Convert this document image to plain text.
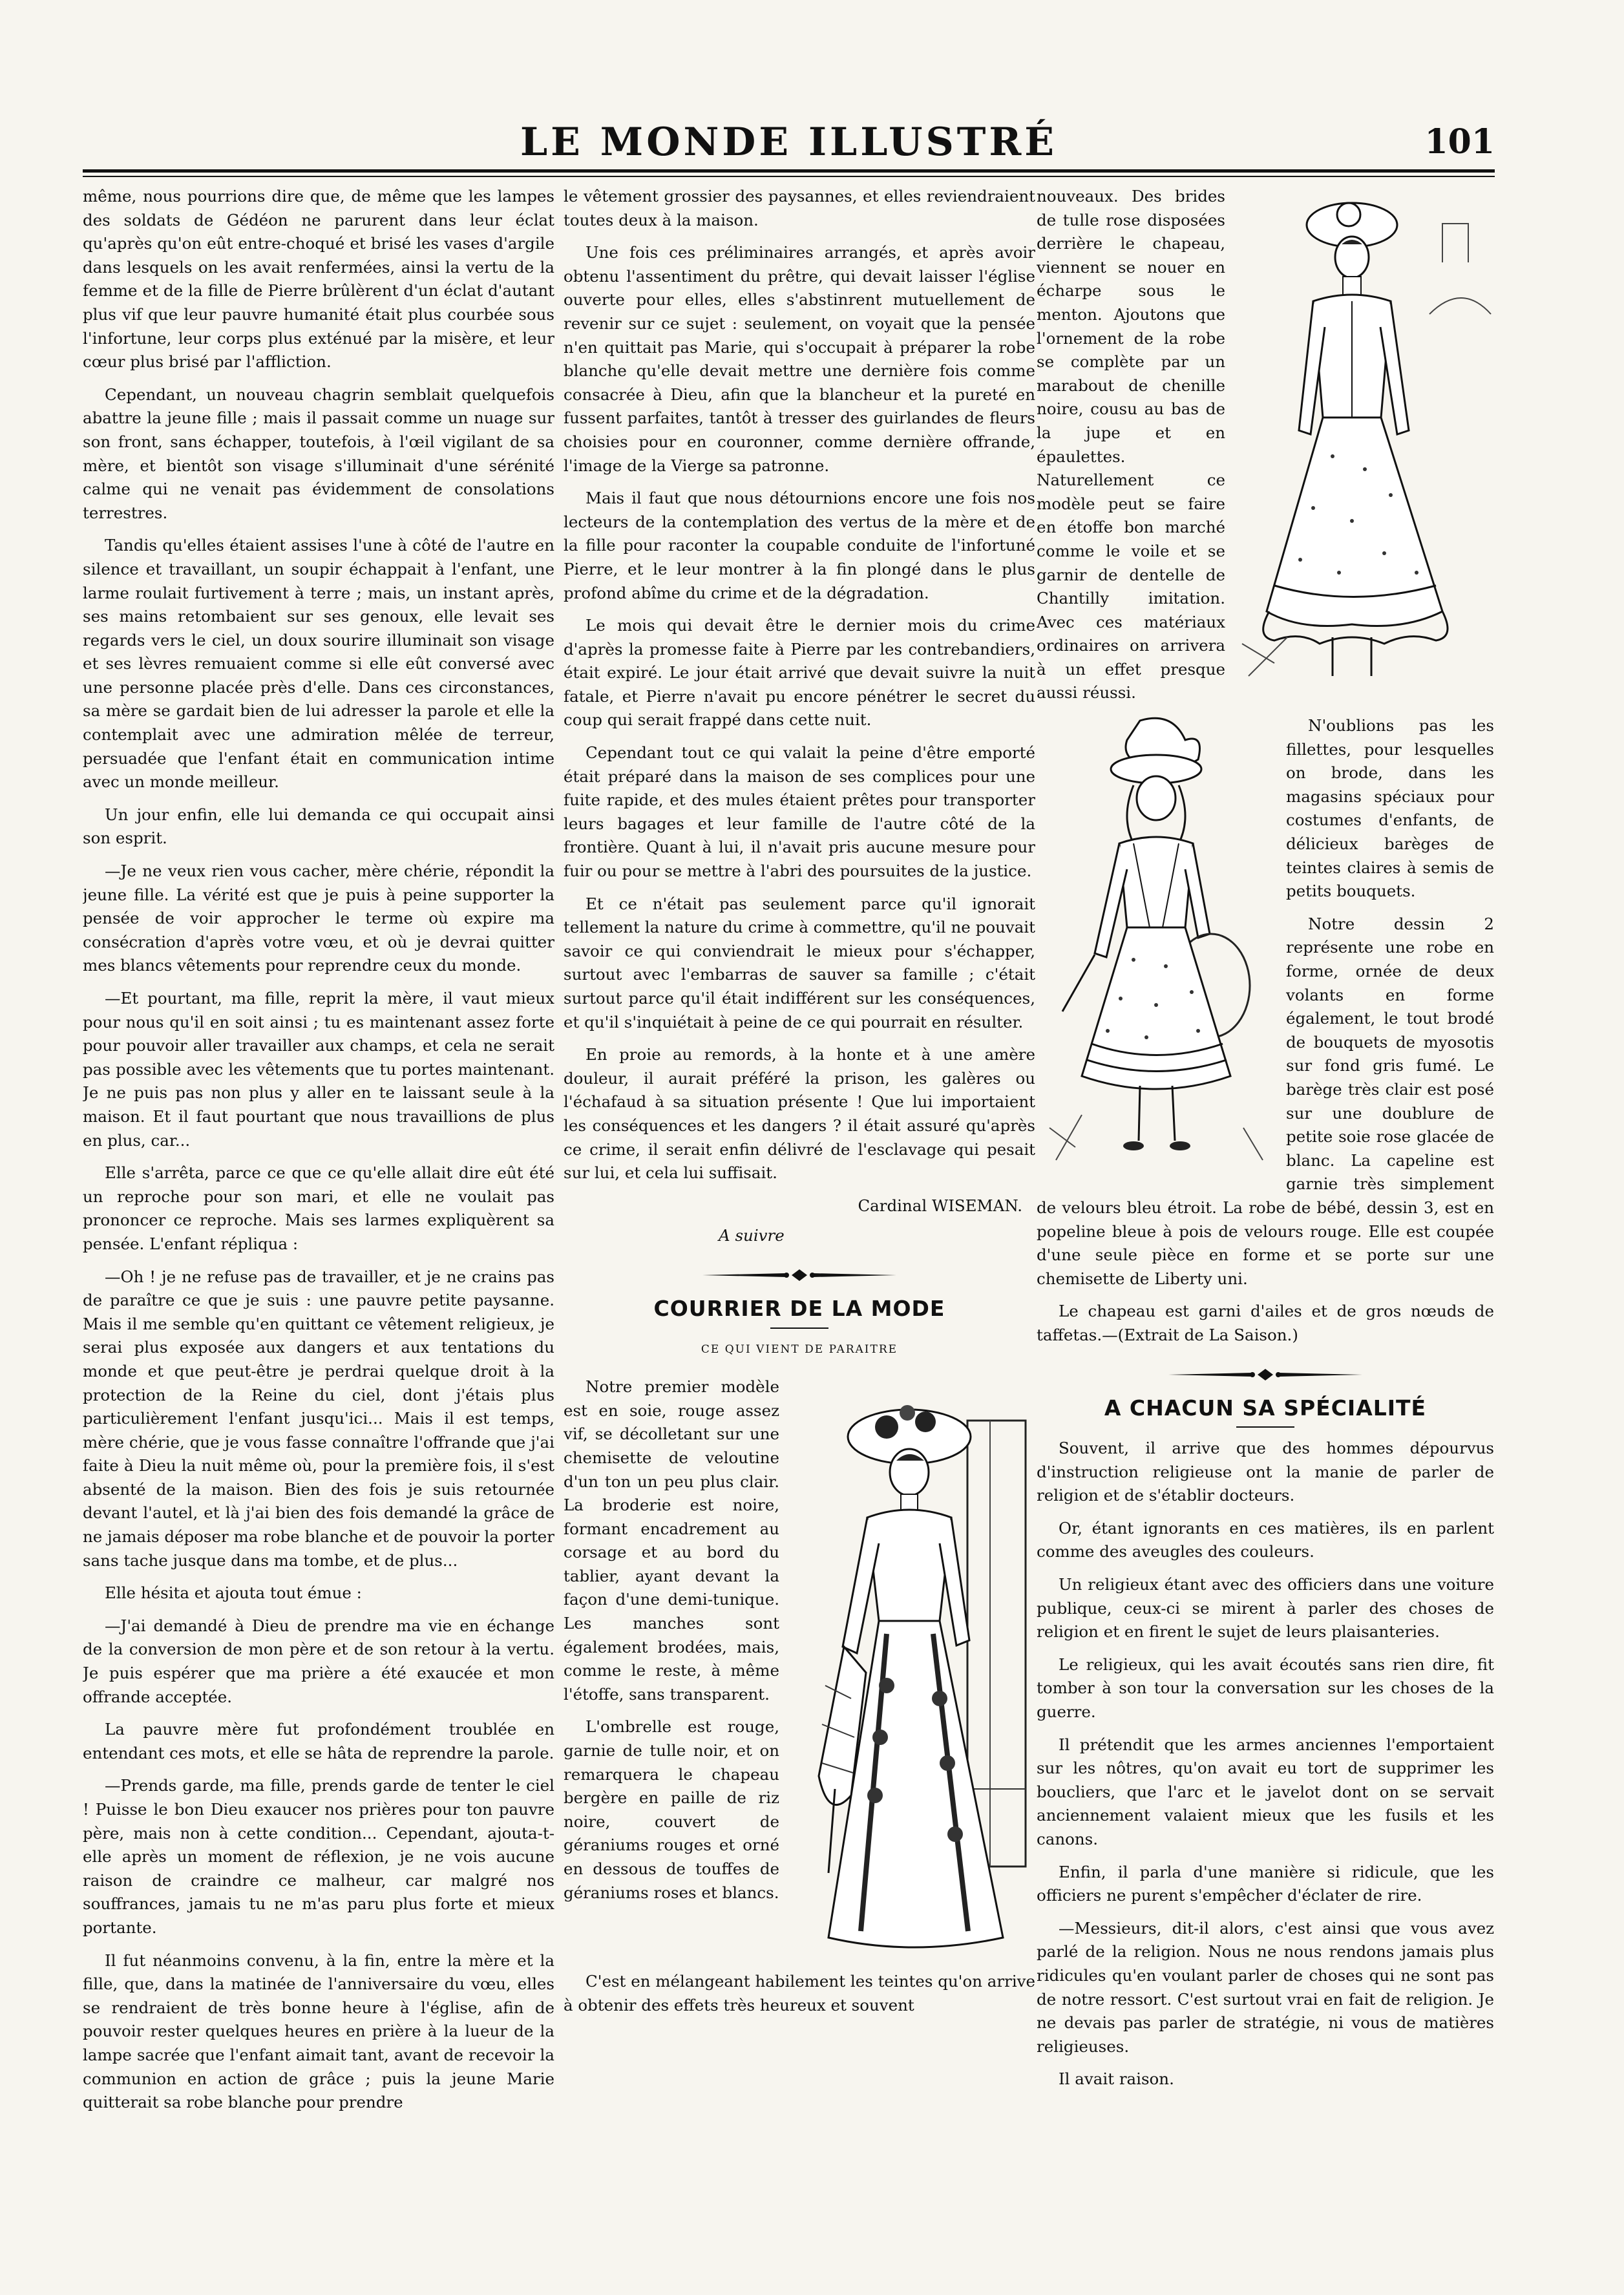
LE MONDE ILLUSTRÉ	101

même, nous pourrions dire que, de même que les lampes des soldats de Gédéon ne parurent dans leur éclat qu'après qu'on eût entre-choqué et brisé les vases d'argile dans lesquels on les avait renfermées, ainsi la vertu de la femme et de la fille de Pierre brûlèrent d'un éclat d'autant plus vif que leur pauvre humanité était plus courbée sous l'infortune, leur corps plus exténué par la misère, et leur cœur plus brisé par l'affliction.

Cependant, un nouveau chagrin semblait quelquefois abattre la jeune fille ; mais il passait comme un nuage sur son front, sans échapper, toutefois, à l'œil vigilant de sa mère, et bientôt son visage s'illuminait d'une sérénité calme qui ne venait pas évidemment de consolations terrestres.

Tandis qu'elles étaient assises l'une à côté de l'autre en silence et travaillant, un soupir échappait à l'enfant, une larme roulait furtivement à terre ; mais, un instant après, ses mains retombaient sur ses genoux, elle levait ses regards vers le ciel, un doux sourire illuminait son visage et ses lèvres remuaient comme si elle eût conversé avec une personne placée près d'elle. Dans ces circonstances, sa mère se gardait bien de lui adresser la parole et elle la contemplait avec une admiration mêlée de terreur, persuadée que l'enfant était en communication intime avec un monde meilleur.

Un jour enfin, elle lui demanda ce qui occupait ainsi son esprit.

—Je ne veux rien vous cacher, mère chérie, répondit la jeune fille. La vérité est que je puis à peine supporter la pensée de voir approcher le terme où expire ma consécration d'après votre vœu, et où je devrai quitter mes blancs vêtements pour reprendre ceux du monde.

—Et pourtant, ma fille, reprit la mère, il vaut mieux pour nous qu'il en soit ainsi ; tu es maintenant assez forte pour pouvoir aller travailler aux champs, et cela ne serait pas possible avec les vêtements que tu portes maintenant. Je ne puis pas non plus y aller en te laissant seule à la maison. Et il faut pourtant que nous travaillions de plus en plus, car...

Elle s'arrêta, parce ce que ce qu'elle allait dire eût été un reproche pour son mari, et elle ne voulait pas prononcer ce reproche. Mais ses larmes expliquèrent sa pensée. L'enfant répliqua :

—Oh ! je ne refuse pas de travailler, et je ne crains pas de paraître ce que je suis : une pauvre petite paysanne. Mais il me semble qu'en quittant ce vêtement religieux, je serai plus exposée aux dangers et aux tentations du monde et que peut-être je perdrai quelque droit à la protection de la Reine du ciel, dont j'étais plus particulièrement l'enfant jusqu'ici... Mais il est temps, mère chérie, que je vous fasse connaître l'offrande que j'ai faite à Dieu la nuit même où, pour la première fois, il s'est absenté de la maison. Bien des fois je suis retournée devant l'autel, et là j'ai bien des fois demandé la grâce de ne jamais déposer ma robe blanche et de pouvoir la porter sans tache jusque dans ma tombe, et de plus...

Elle hésita et ajouta tout émue :

—J'ai demandé à Dieu de prendre ma vie en échange de la conversion de mon père et de son retour à la vertu. Je puis espérer que ma prière a été exaucée et mon offrande acceptée.

La pauvre mère fut profondément troublée en entendant ces mots, et elle se hâta de reprendre la parole.

—Prends garde, ma fille, prends garde de tenter le ciel ! Puisse le bon Dieu exaucer nos prières pour ton pauvre père, mais non à cette condition... Cependant, ajouta-t-elle après un moment de réflexion, je ne vois aucune raison de craindre ce malheur, car malgré nos souffrances, jamais tu ne m'as paru plus forte et mieux portante.

Il fut néanmoins convenu, à la fin, entre la mère et la fille, que, dans la matinée de l'anniversaire du vœu, elles se rendraient de très bonne heure à l'église, afin de pouvoir rester quelques heures en prière à la lueur de la lampe sacrée que l'enfant aimait tant, avant de recevoir la communion en action de grâce ; puis la jeune Marie quitterait sa robe blanche pour prendre

le vêtement grossier des paysannes, et elles reviendraient toutes deux à la maison.

Une fois ces préliminaires arrangés, et après avoir obtenu l'assentiment du prêtre, qui devait laisser l'église ouverte pour elles, elles s'abstinrent mutuellement de revenir sur ce sujet : seulement, on voyait que la pensée n'en quittait pas Marie, qui s'occupait à préparer la robe blanche qu'elle devait mettre une dernière fois comme consacrée à Dieu, afin que la blancheur et la pureté en fussent parfaites, tantôt à tresser des guirlandes de fleurs choisies pour en couronner, comme dernière offrande, l'image de la Vierge sa patronne.

Mais il faut que nous détournions encore une fois nos lecteurs de la contemplation des vertus de la mère et de la fille pour raconter la coupable conduite de l'infortuné Pierre, et le leur montrer à la fin plongé dans le plus profond abîme du crime et de la dégradation.

Le mois qui devait être le dernier mois du crime d'après la promesse faite à Pierre par les contrebandiers, était expiré. Le jour était arrivé que devait suivre la nuit fatale, et Pierre n'avait pu encore pénétrer le secret du coup qui serait frappé dans cette nuit.

Cependant tout ce qui valait la peine d'être emporté était préparé dans la maison de ses complices pour une fuite rapide, et des mules étaient prêtes pour transporter leurs bagages et leur famille de l'autre côté de la frontière. Quant à lui, il n'avait pris aucune mesure pour fuir ou pour se mettre à l'abri des poursuites de la justice.

Et ce n'était pas seulement parce qu'il ignorait tellement la nature du crime à commettre, qu'il ne pouvait savoir ce qui conviendrait le mieux pour s'échapper, surtout avec l'embarras de sauver sa famille ; c'était surtout parce qu'il était indifférent sur les conséquences, et qu'il s'inquiétait à peine de ce qui pourrait en résulter.

En proie au remords, à la honte et à une amère douleur, il aurait préféré la prison, les galères ou l'échafaud à sa situation présente ! Que lui importaient les conséquences et les dangers ? il était assuré qu'après ce crime, il serait enfin délivré de l'esclavage qui pesait sur lui, et cela lui suffisait.

Cardinal WISEMAN.
A suivre
COURRIER DE LA MODE
CE QUI VIENT DE PARAITRE

Notre premier modèle est en soie, rouge assez vif, se décolletant sur une chemisette de veloutine d'un ton un peu plus clair. La broderie est noire, formant encadrement au corsage et au bord du tablier, ayant devant la façon d'une demi-tunique. Les manches sont également brodées, mais, comme le reste, à même l'étoffe, sans transparent.

L'ombrelle est rouge, garnie de tulle noir, et on remarquera le chapeau bergère en paille de riz noire, couvert de géraniums rouges et orné en dessous de touffes de géraniums roses et blancs.

C'est en mélangeant habilement les teintes qu'on arrive à obtenir des effets très heureux et souvent

nouveaux. Des brides de tulle rose disposées derrière le chapeau, viennent se nouer en écharpe sous le menton. Ajoutons que l'ornement de la robe se complète par un marabout de chenille noire, cousu au bas de la jupe et en épaulettes. Naturellement ce modèle peut se faire en étoffe bon marché comme le voile et se garnir de dentelle de Chantilly imitation. Avec ces matériaux ordinaires on arrivera à un effet presque aussi réussi.

N'oublions pas les fillettes, pour lesquelles on brode, dans les magasins spéciaux pour costumes d'enfants, de délicieux barèges de teintes claires à semis de petits bouquets.

Notre dessin 2 représente une robe en forme, ornée de deux volants en forme également, le tout brodé de bouquets de myosotis sur fond gris fumé. Le barège très clair est posé sur une doublure de petite soie rose glacée de blanc. La capeline est garnie très simplement de velours bleu étroit. La robe de bébé, dessin 3, est en popeline bleue à pois de velours rouge. Elle est coupée d'une seule pièce en forme et se porte sur une chemisette de Liberty uni.

Le chapeau est garni d'ailes et de gros nœuds de taffetas.—(Extrait de La Saison.)

A CHACUN SA SPÉCIALITÉ

Souvent, il arrive que des hommes dépourvus d'instruction religieuse ont la manie de parler de religion et de s'établir docteurs.

Or, étant ignorants en ces matières, ils en parlent comme des aveugles des couleurs.

Un religieux étant avec des officiers dans une voiture publique, ceux-ci se mirent à parler des choses de religion et en firent le sujet de leurs plaisanteries.

Le religieux, qui les avait écoutés sans rien dire, fit tomber à son tour la conversation sur les choses de la guerre.

Il prétendit que les armes anciennes l'emportaient sur les nôtres, qu'on avait eu tort de supprimer les boucliers, que l'arc et le javelot dont on se servait anciennement valaient mieux que les fusils et les canons.

Enfin, il parla d'une manière si ridicule, que les officiers ne purent s'empêcher d'éclater de rire.

—Messieurs, dit-il alors, c'est ainsi que vous avez parlé de la religion. Nous ne nous rendons jamais plus ridicules qu'en voulant parler de choses qui ne sont pas de notre ressort. C'est surtout vrai en fait de religion. Je ne devais pas parler de stratégie, ni vous de matières religieuses.

Il avait raison.
